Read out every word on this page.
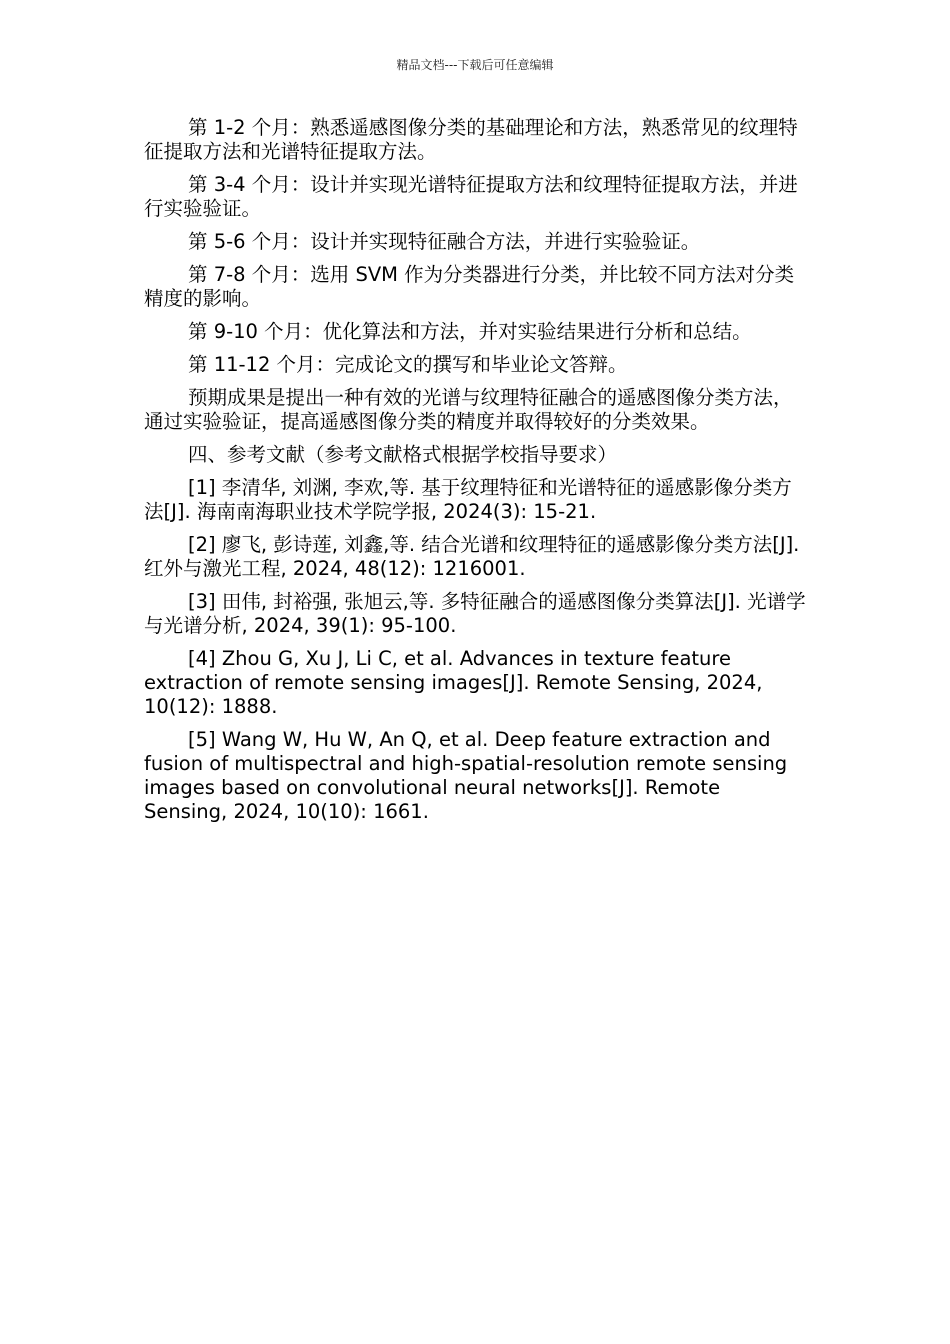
精品文档---下载后可任意编辑

第 1-2 个月：熟悉遥感图像分类的基础理论和方法，熟悉常见的纹理特征提取方法和光谱特征提取方法。

第 3-4 个月：设计并实现光谱特征提取方法和纹理特征提取方法，并进行实验验证。

第 5-6 个月：设计并实现特征融合方法，并进行实验验证。

第 7-8 个月：选用 SVM 作为分类器进行分类，并比较不同方法对分类精度的影响。

第 9-10 个月：优化算法和方法，并对实验结果进行分析和总结。

第 11-12 个月：完成论文的撰写和毕业论文答辩。

预期成果是提出一种有效的光谱与纹理特征融合的遥感图像分类方法，通过实验验证，提高遥感图像分类的精度并取得较好的分类效果。

四、参考文献（参考文献格式根据学校指导要求）

[1] 李清华, 刘渊, 李欢,等. 基于纹理特征和光谱特征的遥感影像分类方法[J]. 海南南海职业技术学院学报, 2024(3): 15-21.

[2] 廖飞, 彭诗莲, 刘鑫,等. 结合光谱和纹理特征的遥感影像分类方法[J]. 红外与激光工程, 2024, 48(12): 1216001.

[3] 田伟, 封裕强, 张旭云,等. 多特征融合的遥感图像分类算法[J]. 光谱学与光谱分析, 2024, 39(1): 95-100.

[4] Zhou G, Xu J, Li C, et al. Advances in texture feature extraction of remote sensing images[J]. Remote Sensing, 2024, 10(12): 1888.

[5] Wang W, Hu W, An Q, et al. Deep feature extraction and fusion of multispectral and high-spatial-resolution remote sensing images based on convolutional neural networks[J]. Remote Sensing, 2024, 10(10): 1661.
